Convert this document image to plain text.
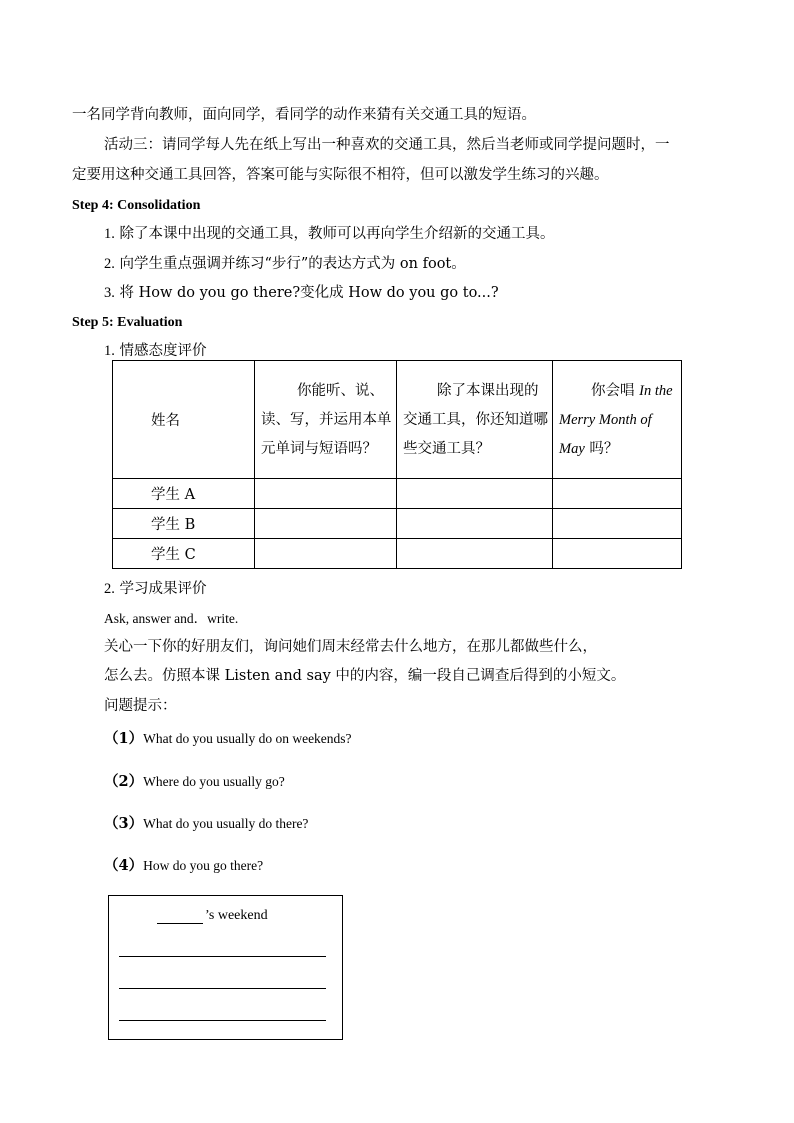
一名同学背向教师，面向同学，看同学的动作来猜有关交通工具的短语。
活动三：请同学每人先在纸上写出一种喜欢的交通工具，然后当老师或同学提问题时，一
定要用这种交通工具回答，答案可能与实际很不相符，但可以激发学生练习的兴趣。
Step 4: Consolidation
1. 除了本课中出现的交通工具，教师可以再向学生介绍新的交通工具。
2. 向学生重点强调并练习“步行”的表达方式为 on foot。
3. 将 How do you go there?变化成 How do you go to...?
Step 5: Evaluation
1. 情感态度评价
姓名	你能听、说、读、写，并运用本单元单词与短语吗？	除了本课出现的交通工具，你还知道哪些交通工具？	你会唱 In the Merry Month of May 吗？
学生 A			
学生 B			
学生 C			
2. 学习成果评价
Ask, answer and．write.
关心一下你的好朋友们，询问她们周末经常去什么地方，在那儿都做些什么，
怎么去。仿照本课 Listen and say 中的内容，编一段自己调查后得到的小短文。
问题提示：
（1）What do you usually do on weekends?
（2）Where do you usually go?
（3）What do you usually do there?
（4）How do you go there?
’s weekend
